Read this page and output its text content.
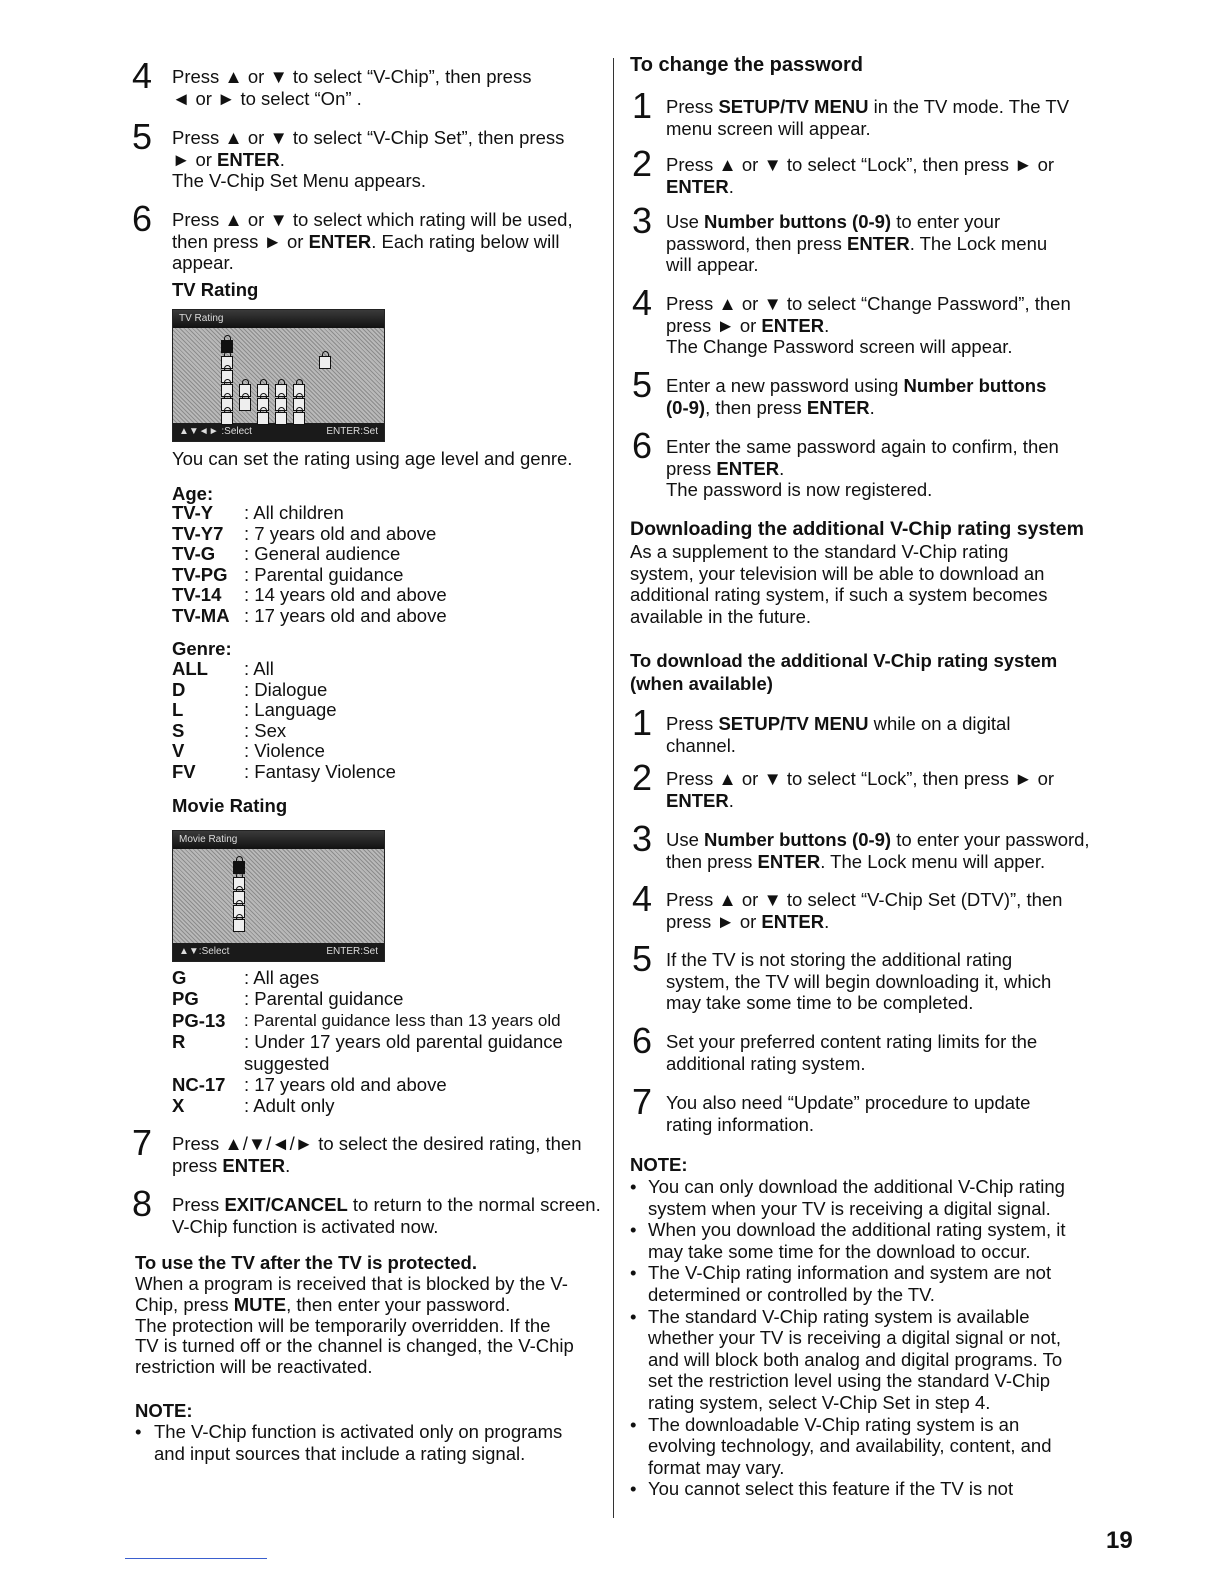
4 Press ▲ or ▼ to select “V-Chip”, then press
◄ or ► to select “On” .
5 Press ▲ or ▼ to select “V-Chip Set”, then press
► or ENTER.
The V-Chip Set Menu appears.
6 Press ▲ or ▼ to select which rating will be used,
then press ► or ENTER. Each rating below will
appear.
TV Rating
TV Rating
▲▼◄► :Select	ENTER:Set
You can set the rating using age level and genre.
Age:
TV-Y : All children
TV-Y7 : 7 years old and above
TV-G : General audience
TV-PG : Parental guidance
TV-14 : 14 years old and above
TV-MA : 17 years old and above
Genre:
ALL : All
D	: Dialogue
L	: Language
S	: Sex
V	: Violence
FV	: Fantasy Violence
Movie Rating
Movie Rating
▲▼:Select	ENTER:Set
G	: All ages
PG : Parental guidance
PG-13 : Parental guidance less than 13 years old
R	: Under 17 years old parental guidance
suggested
NC-17 : 17 years old and above
X	: Adult only
7 Press ▲/▼/◄/► to select the desired rating, then
press ENTER.
8 Press EXIT/CANCEL to return to the normal screen.
V-Chip function is activated now.
To use the TV after the TV is protected.
When a program is received that is blocked by the V-
Chip, press MUTE, then enter your password.
The protection will be temporarily overridden. If the
TV is turned off or the channel is changed, the V-Chip
restriction will be reactivated.
NOTE:
• The V-Chip function is activated only on programs
and input sources that include a rating signal.
To change the password
1 Press SETUP/TV MENU in the TV mode. The TV
menu screen will appear.
2 Press ▲ or ▼ to select “Lock”, then press ► or
ENTER.
3 Use Number buttons (0-9) to enter your
password, then press ENTER. The Lock menu
will appear.
4 Press ▲ or ▼ to select “Change Password”, then
press ► or ENTER.
The Change Password screen will appear.
5 Enter a new password using Number buttons
(0-9), then press ENTER.
6 Enter the same password again to confirm, then
press ENTER.
The password is now registered.
Downloading the additional V-Chip rating system
As a supplement to the standard V-Chip rating
system, your television will be able to download an
additional rating system, if such a system becomes
available in the future.
To download the additional V-Chip rating system
(when available)
1 Press SETUP/TV MENU while on a digital
channel.
2 Press ▲ or ▼ to select “Lock”, then press ► or
ENTER.
3 Use Number buttons (0-9) to enter your password,
then press ENTER. The Lock menu will apper.
4 Press ▲ or ▼ to select “V-Chip Set (DTV)”, then
press ► or ENTER.
5 If the TV is not storing the additional rating
system, the TV will begin downloading it, which
may take some time to be completed.
6 Set your preferred content rating limits for the
additional rating system.
7 You also need “Update” procedure to update
rating information.
NOTE:
• You can only download the additional V-Chip rating
system when your TV is receiving a digital signal.
• When you download the additional rating system, it
may take some time for the download to occur.
• The V-Chip rating information and system are not
determined or controlled by the TV.
• The standard V-Chip rating system is available
whether your TV is receiving a digital signal or not,
and will block both analog and digital programs. To
set the restriction level using the standard V-Chip
rating system, select V-Chip Set in step 4.
• The downloadable V-Chip rating system is an
evolving technology, and availability, content, and
format may vary.
• You cannot select this feature if the TV is not
19
